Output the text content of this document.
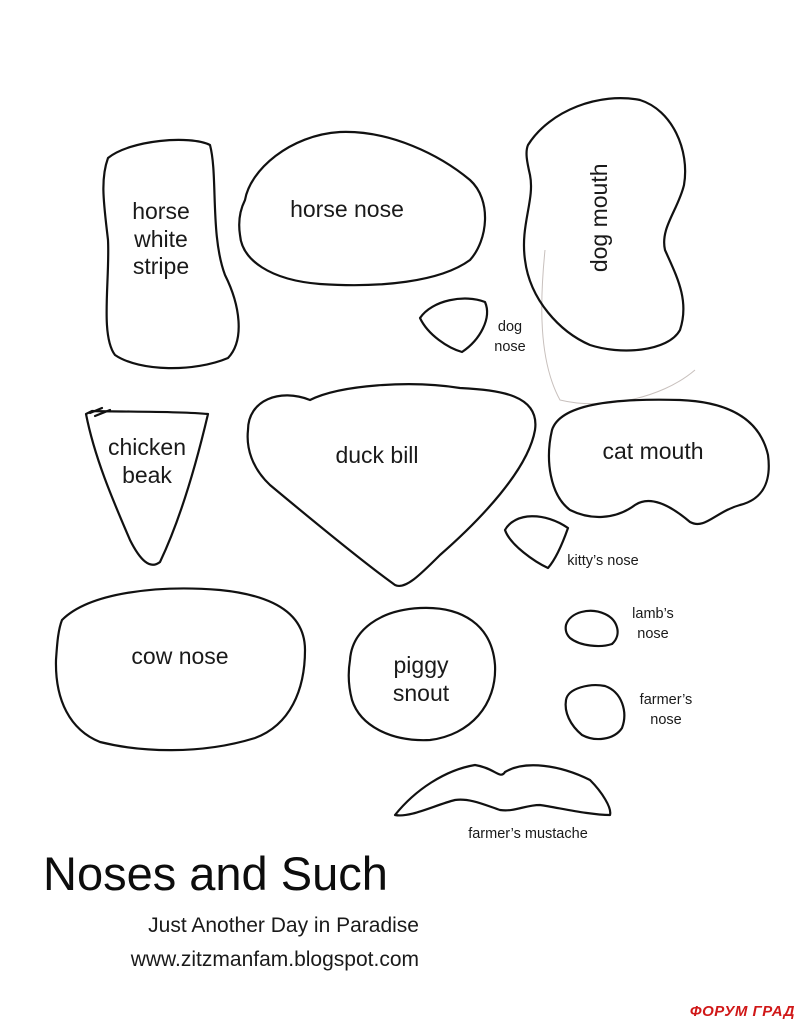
horse
white
stripe
horse nose	dog mouth
dog
nose
chicken
beak
duck bill	cat mouth
kitty’s nose
cow nose	piggy
snout
lamb’s
nose
farmer’s
nose
farmer’s mustache
Noses and Such
Just Another Day in Paradise
www.zitzmanfam.blogspot.com
ФОРУМ ГРАД
